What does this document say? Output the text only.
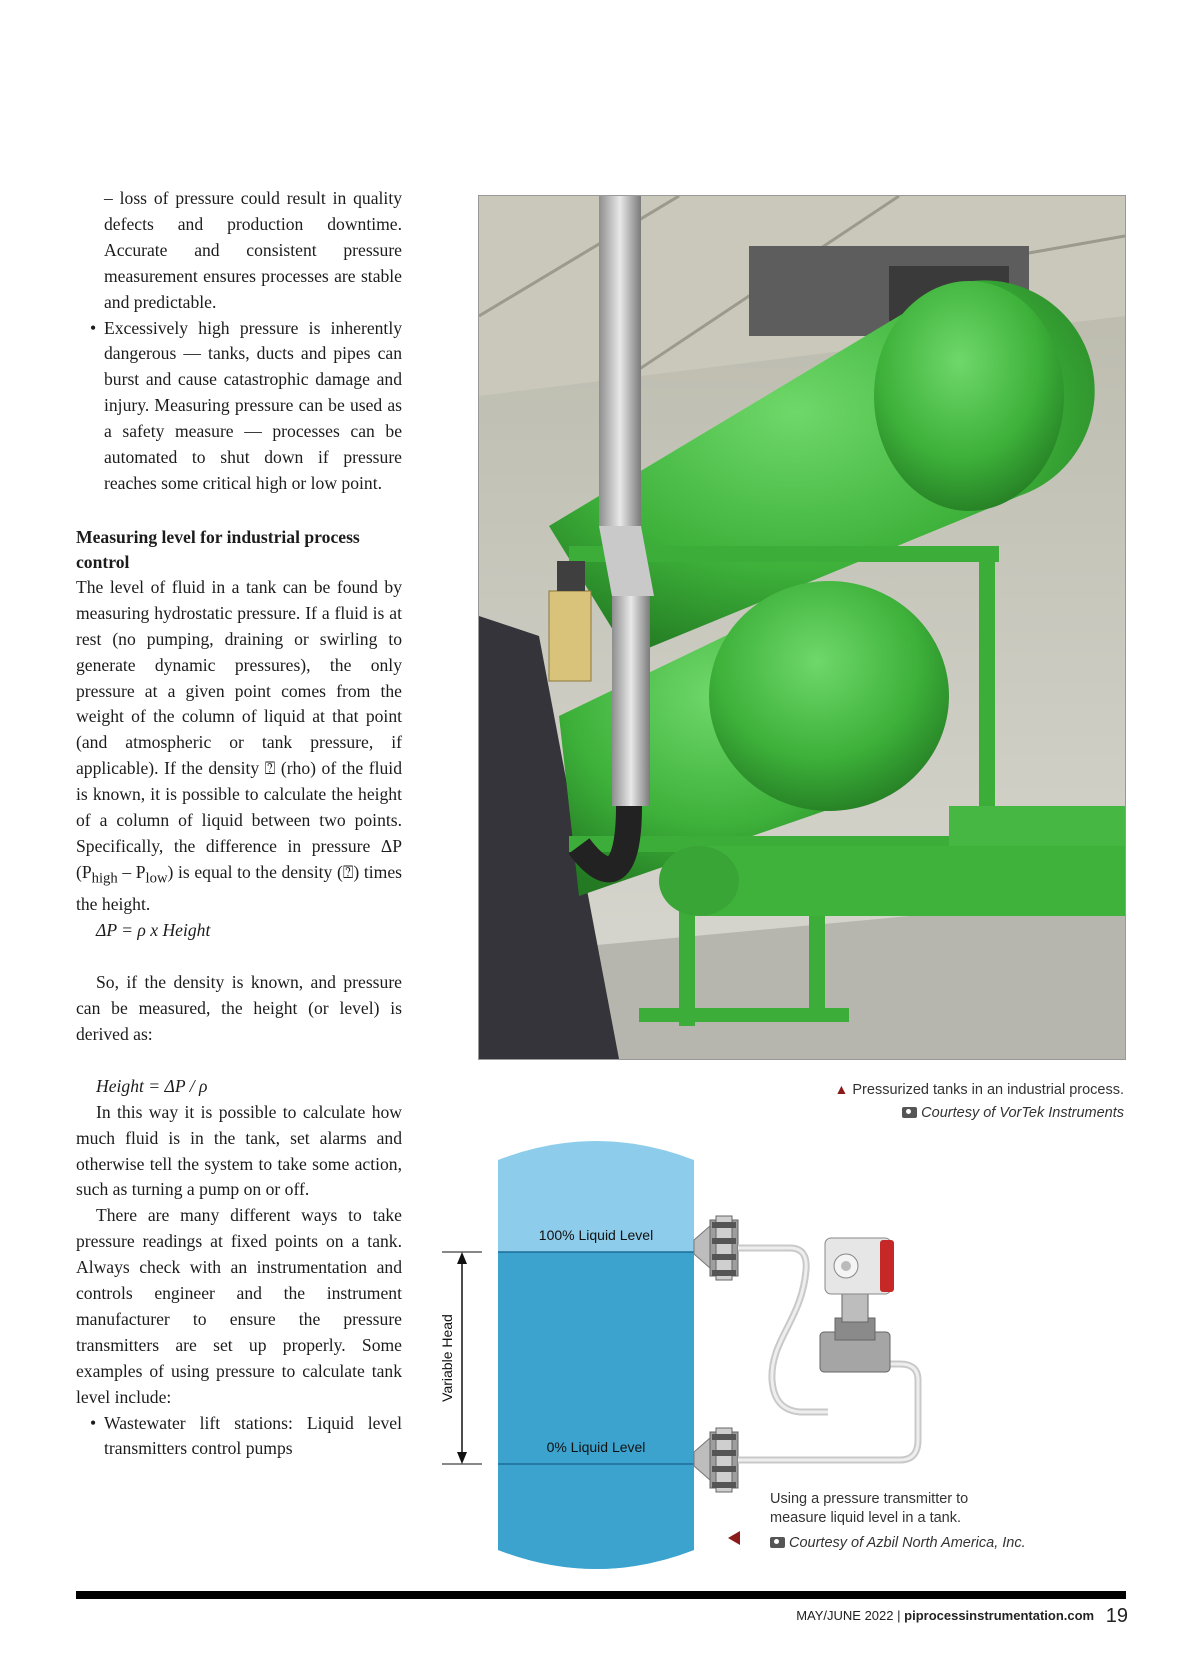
– loss of pressure could result in quality defects and production downtime. Accurate and consistent pressure measurement ensures processes are stable and predictable.

• Excessively high pressure is inherently dangerous — tanks, ducts and pipes can burst and cause catastrophic damage and injury. Measuring pressure can be used as a safety measure — processes can be automated to shut down if pressure reaches some critical high or low point.

Measuring level for industrial process control

The level of fluid in a tank can be found by measuring hydrostatic pressure. If a fluid is at rest (no pumping, draining or swirling to generate dynamic pressures), the only pressure at a given point comes from the weight of the column of liquid at that point (and atmospheric or tank pressure, if applicable). If the density ⍰ (rho) of the fluid is known, it is possible to calculate the height of a column of liquid between two points. Specifically, the difference in pressure ΔP $(P_{high} - P_{low})$ is equal to the density (⍰) times the height.

ΔP = ρ x Height

So, if the density is known, and pressure can be measured, the height (or level) is derived as:

Height = ΔP / ρ

In this way it is possible to calculate how much fluid is in the tank, set alarms and otherwise tell the system to take some action, such as turning a pump on or off.

There are many different ways to take pressure readings at fixed points on a tank. Always check with an instrumentation and controls engineer and the instrument manufacturer to ensure the pressure transmitters are set up properly. Some examples of using pressure to calculate tank level include:

• Wastewater lift stations: Liquid level transmitters control pumps

▲ Pressurized tanks in an industrial process.
Courtesy of VorTek Instruments
100% Liquid Level
0% Liquid Level
Variable Head
Using a pressure transmitter to
measure liquid level in a tank.
Courtesy of Azbil North America, Inc.
MAY/JUNE 2022 | piprocessinstrumentation.com 19
